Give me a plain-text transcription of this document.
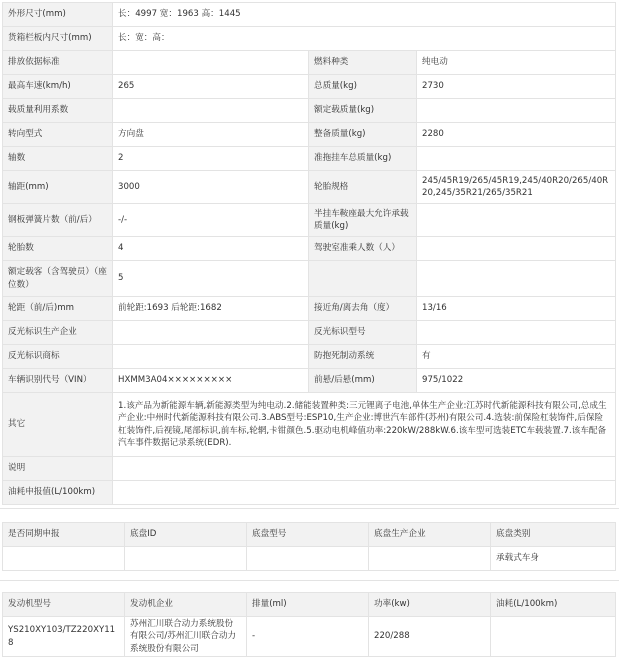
外形尺寸(mm)	长：4997 宽：1963 高：1445		
货箱栏板内尺寸(mm)	长：宽：高：		
排放依据标准		燃料种类	纯电动
最高车速(km/h)	265	总质量(kg)	2730
载质量利用系数		额定载质量(kg)	
转向型式	方向盘	整备质量(kg)	2280
轴数	2	准拖挂车总质量(kg)	
轴距(mm)	3000	轮胎规格	245/45R19/265/45R19,245/40R20/265/40R20,245/35R21/265/35R21
钢板弹簧片数（前/后）	-/-	半挂车鞍座最大允许承载质量(kg)	
轮胎数	4	驾驶室准乘人数（人）	
额定载客（含驾驶员）（座位数）	5		
轮距（前/后)mm	前轮距:1693 后轮距:1682	接近角/离去角（度）	13/16
反光标识生产企业		反光标识型号	
反光标识商标		防抱死制动系统	有
车辆识别代号（VIN）	HXMM3A04×××××××××	前悬/后悬(mm)	975/1022
其它	1.该产品为新能源车辆,新能源类型为纯电动.2.储能装置种类:三元锂离子电池,单体生产企业:江苏时代新能源科技有限公司,总成生产企业:中州时代新能源科技有限公司.3.ABS型号:ESP10,生产企业:博世汽车部件(苏州)有限公司.4.选装:前保险杠装饰件,后保险杠装饰件,后视镜,尾部标识,前车标,轮辋,卡钳颜色.5.驱动电机峰值功率:220kW/288kW.6.该车型可选装ETC车载装置.7.该车配备汽车事件数据记录系统(EDR).		
说明			
油耗申报值(L/100km)			
是否同期申报	底盘ID	底盘型号	底盘生产企业	底盘类别
				承载式车身
发动机型号	发动机企业	排量(ml)	功率(kw)	油耗(L/100km)
YS210XY103/TZ220XY118	苏州汇川联合动力系统股份有限公司/苏州汇川联合动力系统股份有限公司	-	220/288	
